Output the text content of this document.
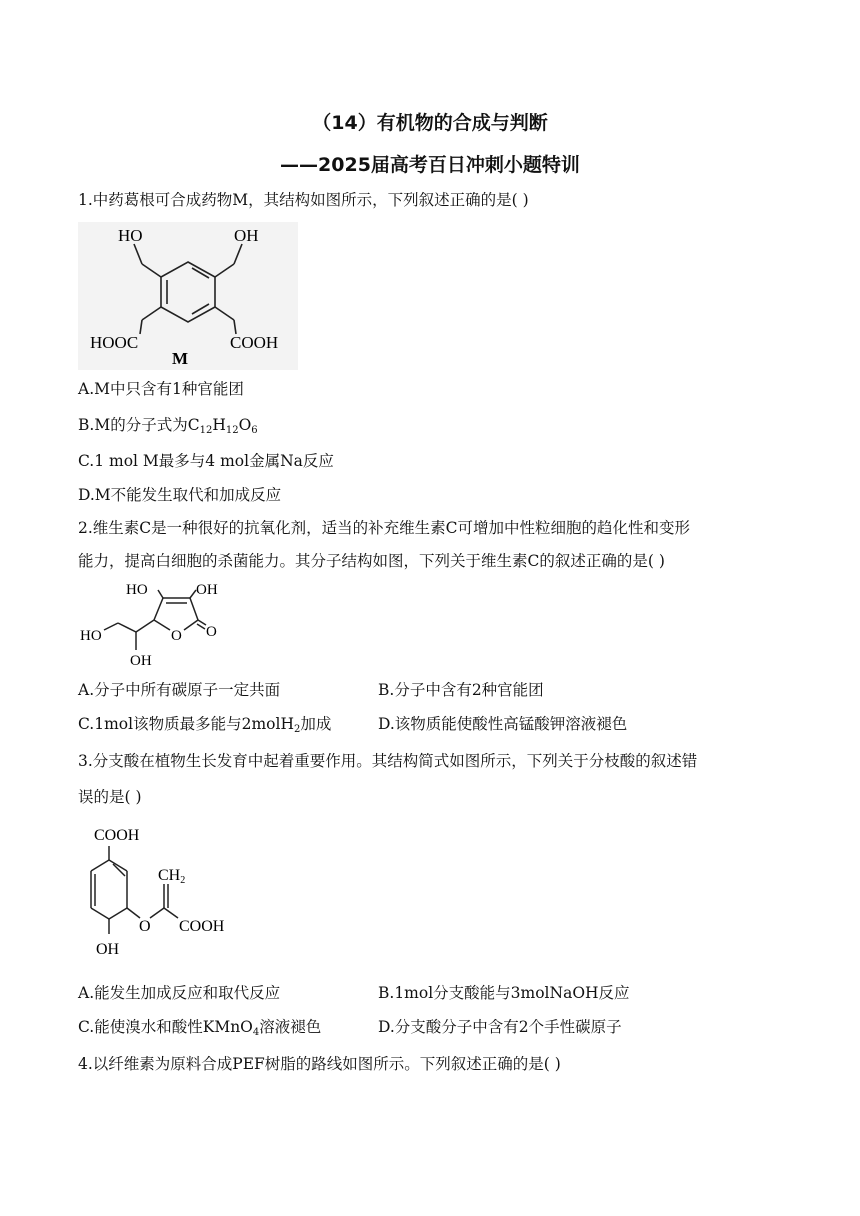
（14）有机物的合成与判断
——2025届高考百日冲刺小题特训
1.中药葛根可合成药物M，其结构如图所示，下列叙述正确的是( )
HO	OH
HOOC	COOH
M
A.M中只含有1种官能团
B.M的分子式为$C_{12}H_{12}O_6$
C.1 mol M最多与4 mol金属Na反应
D.M不能发生取代和加成反应
2.维生素C是一种很好的抗氧化剂，适当的补充维生素C可增加中性粒细胞的趋化性和变形
能力，提高白细胞的杀菌能力。其分子结构如图，下列关于维生素C的叙述正确的是( )
HO	OH
HO	O O
OH
A.分子中所有碳原子一定共面	B.分子中含有2种官能团
C.1mol该物质最多能与2molH$_2$加成	D.该物质能使酸性高锰酸钾溶液褪色
3.分支酸在植物生长发育中起着重要作用。其结构简式如图所示，下列关于分枝酸的叙述错
误的是( )
COOH
CH2
O COOH
OH
A.能发生加成反应和取代反应	B.1mol分支酸能与3molNaOH反应
C.能使溴水和酸性KMnO$_4$溶液褪色	D.分支酸分子中含有2个手性碳原子
4.以纤维素为原料合成PEF树脂的路线如图所示。下列叙述正确的是( )
